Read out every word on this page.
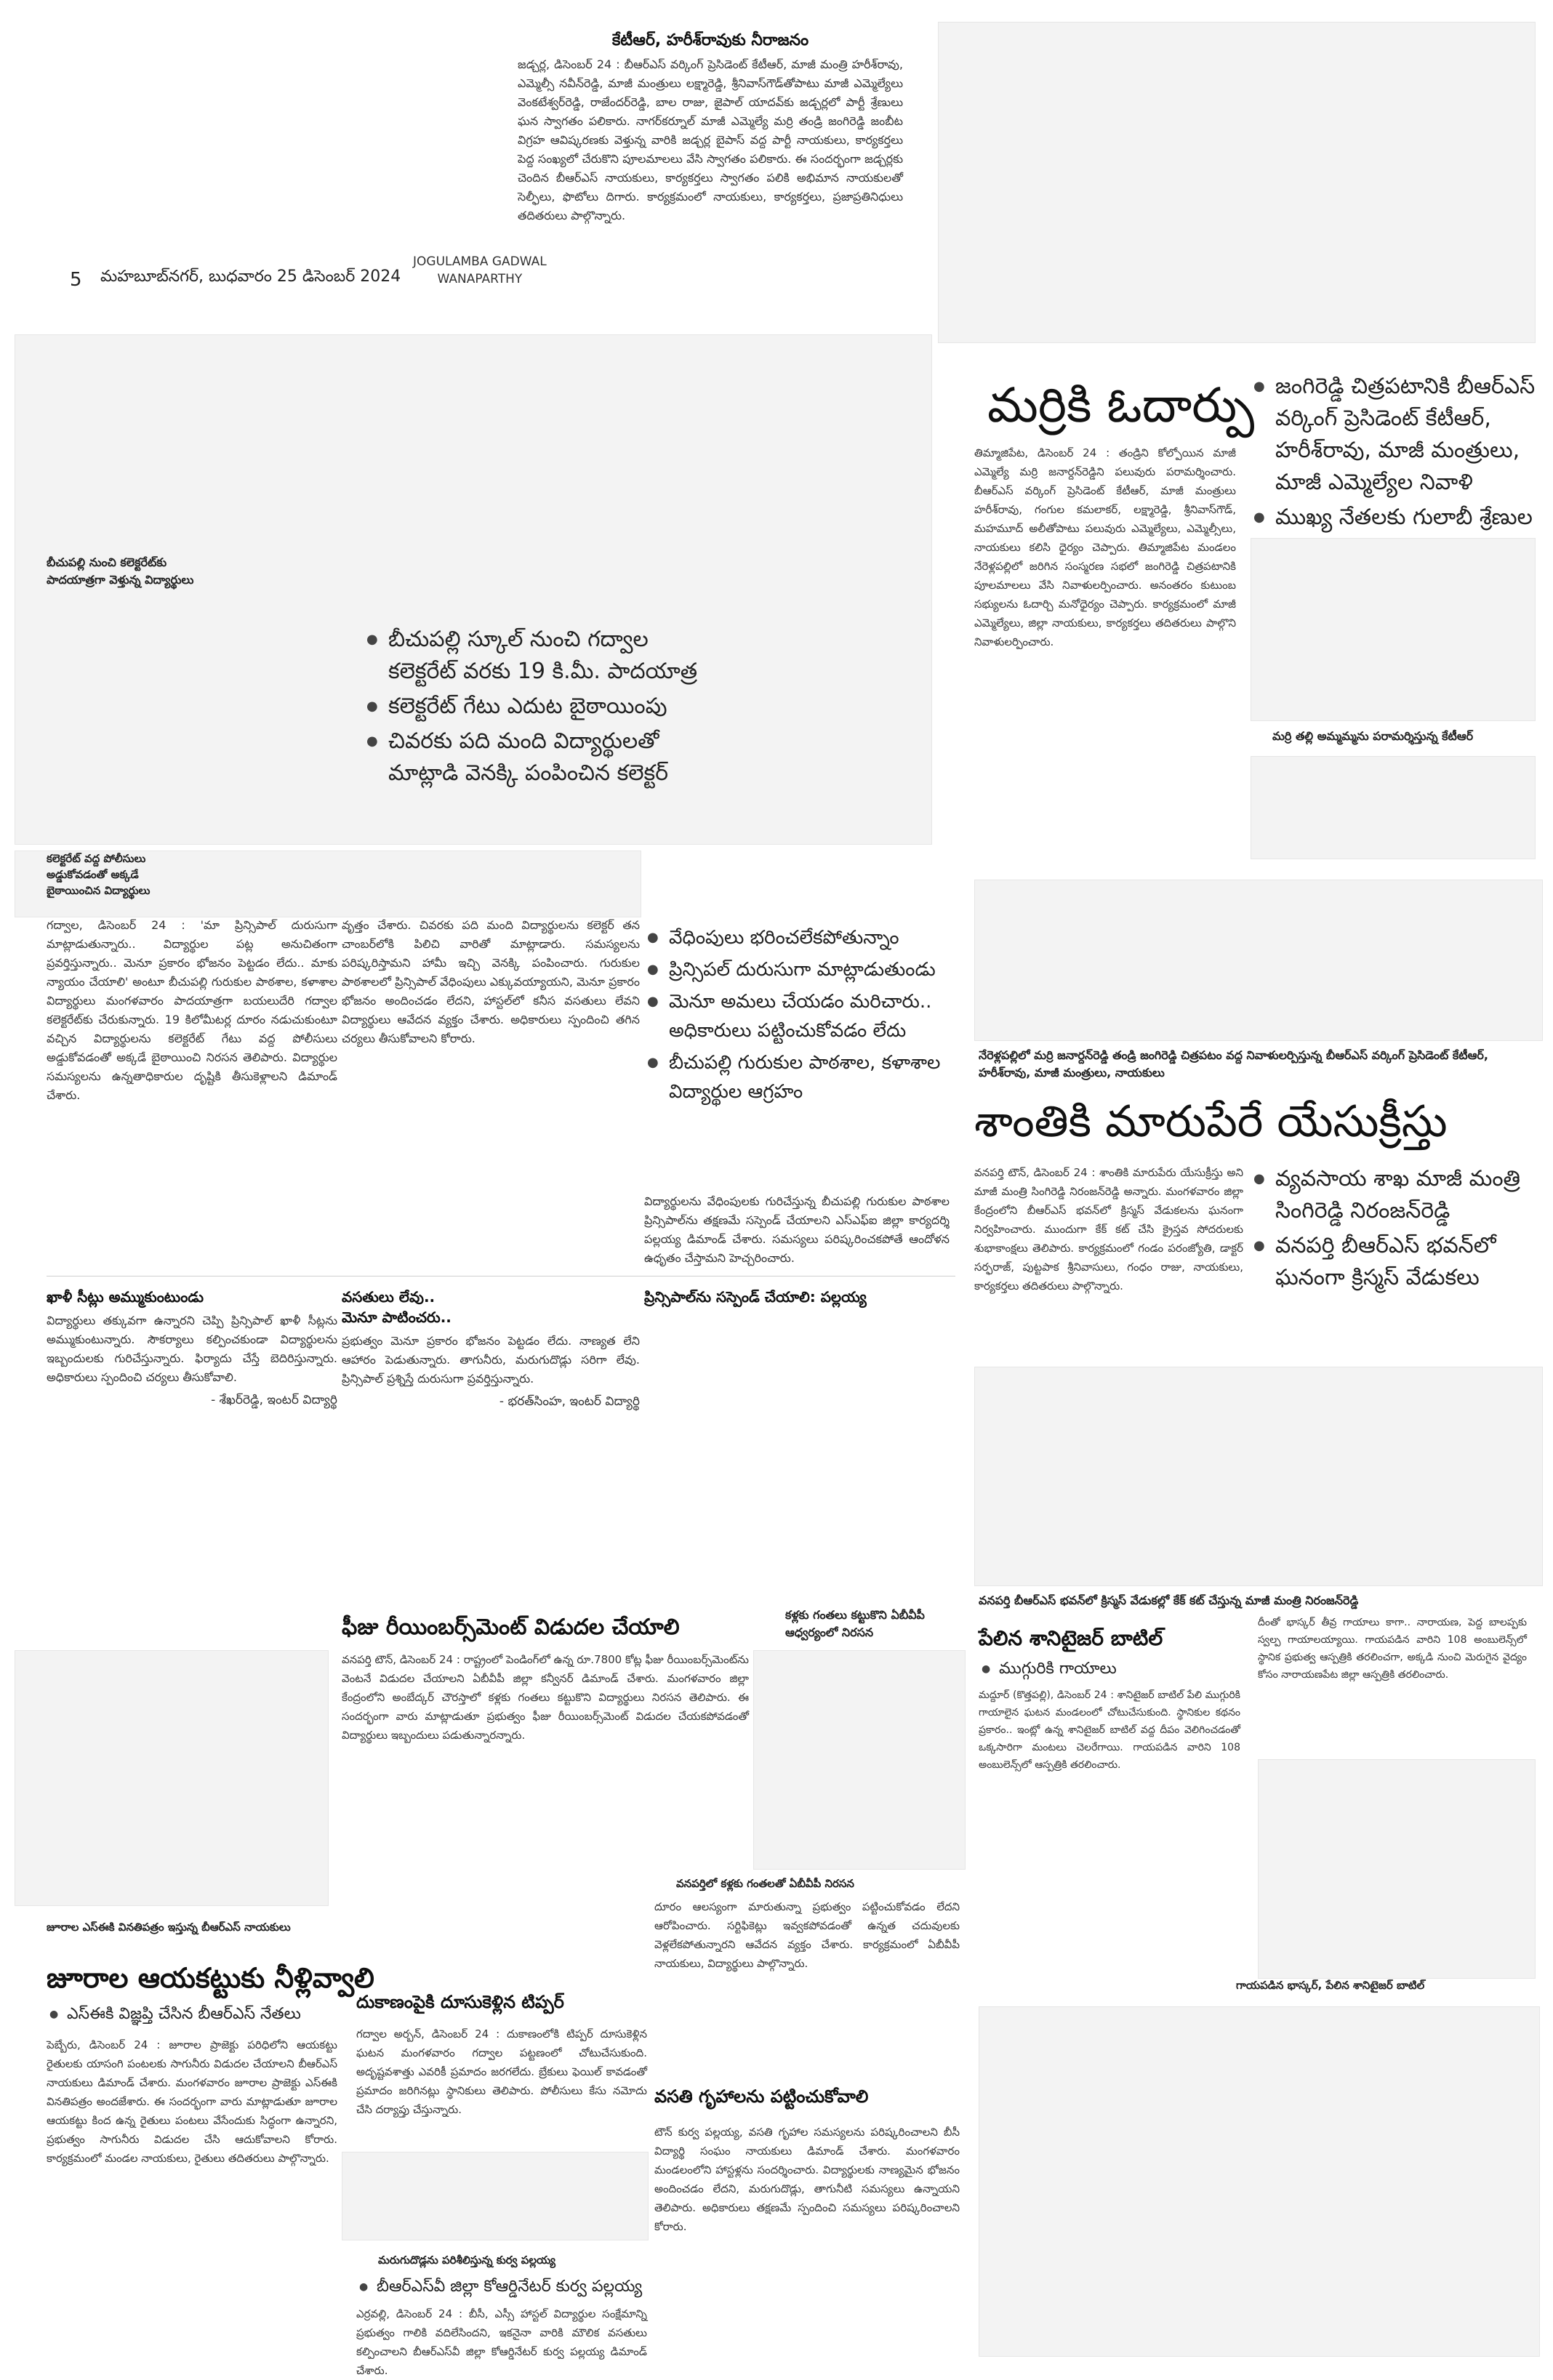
5 మహబూబ్‌నగర్, బుధవారం 25 డిసెంబర్ 2024
JOGULAMBA GADWAL
WANAPARTHY
కేటీఆర్, హరీశ్‌రావుకు నీరాజనం
జడ్చర్ల, డిసెంబర్ 24 : బీఆర్ఎస్ వర్కింగ్ ప్రెసిడెంట్ కేటీఆర్, మాజీ మంత్రి హరీశ్‌రావు, ఎమ్మెల్సీ నవీన్‌రెడ్డి, మాజీ మంత్రులు లక్ష్మారెడ్డి, శ్రీనివాస్‌గౌడ్‌తోపాటు మాజీ ఎమ్మెల్యేలు వెంకటేశ్వర్‌రెడ్డి, రాజేందర్‌రెడ్డి, బాల రాజు, జైపాల్ యాదవ్‌కు జడ్చర్లలో పార్టీ శ్రేణులు ఘన స్వాగతం పలికారు. నాగర్‌కర్నూల్ మాజీ ఎమ్మెల్యే మర్రి తండ్రి జంగిరెడ్డి జంబీట విగ్రహ ఆవిష్కరణకు వెళ్తున్న వారికి జడ్చర్ల బైపాస్ వద్ద పార్టీ నాయకులు, కార్యకర్తలు పెద్ద సంఖ్యలో చేరుకొని పూలమాలలు వేసి స్వాగతం పలికారు. ఈ సందర్భంగా జడ్చర్లకు చెందిన బీఆర్ఎస్ నాయకులు, కార్యకర్తలు స్వాగతం పలికి అభిమాన నాయకులతో సెల్ఫీలు, ఫొటోలు దిగారు. కార్యక్రమంలో నాయకులు, కార్యకర్తలు, ప్రజాప్రతినిధులు తదితరులు పాల్గొన్నారు.
మర్రికి ఓదార్పు
● జంగిరెడ్డి చిత్రపటానికి బీఆర్ఎస్ వర్కింగ్ ప్రెసిడెంట్ కేటీఆర్, హరీశ్‌రావు, మాజీ మంత్రులు, మాజీ ఎమ్మెల్యేల నివాళి
● ముఖ్య నేతలకు గులాబీ శ్రేణుల
తిమ్మాజిపేట, డిసెంబర్ 24 : తండ్రిని కోల్పోయిన మాజీ ఎమ్మెల్యే మర్రి జనార్దన్‌రెడ్డిని పలువురు పరామర్శించారు. బీఆర్ఎస్ వర్కింగ్ ప్రెసిడెంట్ కేటీఆర్, మాజీ మంత్రులు హరీశ్‌రావు, గంగుల కమలాకర్, లక్ష్మారెడ్డి, శ్రీనివాస్‌గౌడ్, మహమూద్ అలీతోపాటు పలువురు ఎమ్మెల్యేలు, ఎమ్మెల్సీలు, నాయకులు కలిసి ధైర్యం చెప్పారు. తిమ్మాజిపేట మండలం నేరెళ్లపల్లిలో జరిగిన సంస్మరణ సభలో జంగిరెడ్డి చిత్రపటానికి పూలమాలలు వేసి నివాళులర్పించారు. అనంతరం కుటుంబ సభ్యులను ఓదార్చి మనోధైర్యం చెప్పారు. కార్యక్రమంలో మాజీ ఎమ్మెల్యేలు, జిల్లా నాయకులు, కార్యకర్తలు తదితరులు పాల్గొని నివాళులర్పించారు.
మర్రి తల్లి అమ్మమ్మను పరామర్శిస్తున్న కేటీఆర్
బీచుపల్లి నుంచి కలెక్టరేట్‌కు పాదయాత్రగా వెళ్తున్న విద్యార్థులు
● బీచుపల్లి స్కూల్ నుంచి గద్వాల కలెక్టరేట్ వరకు 19 కి.మీ. పాదయాత్ర
● కలెక్టరేట్ గేటు ఎదుట బైఠాయింపు
● చివరకు పది మంది విద్యార్థులతో మాట్లాడి వెనక్కి పంపించిన కలెక్టర్
కలెక్టరేట్ వద్ద పోలీసులు అడ్డుకోవడంతో అక్కడే బైఠాయించిన విద్యార్థులు
గద్వాల, డిసెంబర్ 24 : 'మా ప్రిన్సిపాల్ దురుసుగా మాట్లాడుతున్నారు.. విద్యార్థుల పట్ల అనుచితంగా ప్రవర్తిస్తున్నారు.. మెనూ ప్రకారం భోజనం పెట్టడం లేదు.. మాకు న్యాయం చేయాలి' అంటూ బీచుపల్లి గురుకుల పాఠశాల, కళాశాల విద్యార్థులు మంగళవారం పాదయాత్రగా బయలుదేరి గద్వాల కలెక్టరేట్‌కు చేరుకున్నారు. 19 కిలోమీటర్ల దూరం నడుచుకుంటూ వచ్చిన విద్యార్థులను కలెక్టరేట్ గేటు వద్ద పోలీసులు అడ్డుకోవడంతో అక్కడే బైఠాయించి నిరసన తెలిపారు. విద్యార్థుల సమస్యలను ఉన్నతాధికారుల దృష్టికి తీసుకెళ్లాలని డిమాండ్ చేశారు.
వృత్తం చేశారు. చివరకు పది మంది విద్యార్థులను కలెక్టర్ తన చాంబర్‌లోకి పిలిచి వారితో మాట్లాడారు. సమస్యలను పరిష్కరిస్తామని హామీ ఇచ్చి వెనక్కి పంపించారు. గురుకుల పాఠశాలలో ప్రిన్సిపాల్ వేధింపులు ఎక్కువయ్యాయని, మెనూ ప్రకారం భోజనం అందించడం లేదని, హాస్టల్‌లో కనీస వసతులు లేవని విద్యార్థులు ఆవేదన వ్యక్తం చేశారు. అధికారులు స్పందించి తగిన చర్యలు తీసుకోవాలని కోరారు.
● వేధింపులు భరించలేకపోతున్నాం
● ప్రిన్సిపల్ దురుసుగా మాట్లాడుతుండు
● మెనూ అమలు చేయడం మరిచారు.. అధికారులు పట్టించుకోవడం లేదు
● బీచుపల్లి గురుకుల పాఠశాల, కళాశాల విద్యార్థుల ఆగ్రహం
విద్యార్థులను వేధింపులకు గురిచేస్తున్న బీచుపల్లి గురుకుల పాఠశాల ప్రిన్సిపాల్‌ను తక్షణమే సస్పెండ్ చేయాలని ఎస్ఎఫ్ఐ జిల్లా కార్యదర్శి పల్లయ్య డిమాండ్ చేశారు. సమస్యలు పరిష్కరించకపోతే ఆందోళన ఉధృతం చేస్తామని హెచ్చరించారు.
ఖాళీ సీట్లు అమ్ముకుంటుండు
విద్యార్థులు తక్కువగా ఉన్నారని చెప్పి ప్రిన్సిపాల్ ఖాళీ సీట్లను అమ్ముకుంటున్నారు. సౌకర్యాలు కల్పించకుండా విద్యార్థులను ఇబ్బందులకు గురిచేస్తున్నారు. ఫిర్యాదు చేస్తే బెదిరిస్తున్నారు. అధికారులు స్పందించి చర్యలు తీసుకోవాలి.
- శేఖర్‌రెడ్డి, ఇంటర్ విద్యార్థి
వసతులు లేవు..
మెనూ పాటించరు..
ప్రభుత్వం మెనూ ప్రకారం భోజనం పెట్టడం లేదు. నాణ్యత లేని ఆహారం పెడుతున్నారు. తాగునీరు, మరుగుదొడ్లు సరిగా లేవు. ప్రిన్సిపాల్ ప్రశ్నిస్తే దురుసుగా ప్రవర్తిస్తున్నారు.
- భరత్‌సింహ, ఇంటర్ విద్యార్థి
ప్రిన్సిపాల్‌ను సస్పెండ్ చేయాలి: పల్లయ్య
నేరెళ్లపల్లిలో మర్రి జనార్దన్‌రెడ్డి తండ్రి జంగిరెడ్డి చిత్రపటం వద్ద నివాళులర్పిస్తున్న బీఆర్ఎస్ వర్కింగ్ ప్రెసిడెంట్ కేటీఆర్, హరీశ్‌రావు, మాజీ మంత్రులు, నాయకులు
శాంతికి మారుపేరే యేసుక్రీస్తు
వనపర్తి టౌన్, డిసెంబర్ 24 : శాంతికి మారుపేరు యేసుక్రీస్తు అని మాజీ మంత్రి సింగిరెడ్డి నిరంజన్‌రెడ్డి అన్నారు. మంగళవారం జిల్లా కేంద్రంలోని బీఆర్ఎస్ భవన్‌లో క్రిస్మస్ వేడుకలను ఘనంగా నిర్వహించారు. ముందుగా కేక్ కట్ చేసి క్రైస్తవ సోదరులకు శుభాకాంక్షలు తెలిపారు. కార్యక్రమంలో గండం పరంజ్యోతి, డాక్టర్ సర్ఫరాజ్, పుట్టపాక శ్రీనివాసులు, గంధం రాజు, నాయకులు, కార్యకర్తలు తదితరులు పాల్గొన్నారు.
● వ్యవసాయ శాఖ మాజీ మంత్రి సింగిరెడ్డి నిరంజన్‌రెడ్డి
● వనపర్తి బీఆర్ఎస్ భవన్‌లో ఘనంగా క్రిస్మస్ వేడుకలు
వనపర్తి బీఆర్ఎస్ భవన్‌లో క్రిస్మస్ వేడుకల్లో కేక్ కట్ చేస్తున్న మాజీ మంత్రి నిరంజన్‌రెడ్డి
ఫీజు రీయింబర్స్‌మెంట్ విడుదల చేయాలి	కళ్లకు గంతలు కట్టుకొని ఏబీవీపీ ఆధ్వర్యంలో నిరసన
వనపర్తి టౌన్, డిసెంబర్ 24 : రాష్ట్రంలో పెండింగ్‌లో ఉన్న రూ.7800 కోట్ల ఫీజు రీయింబర్స్‌మెంట్‌ను వెంటనే విడుదల చేయాలని ఏబీవీపీ జిల్లా కన్వీనర్ డిమాండ్ చేశారు. మంగళవారం జిల్లా కేంద్రంలోని అంబేద్కర్ చౌరస్తాలో కళ్లకు గంతలు కట్టుకొని విద్యార్థులు నిరసన తెలిపారు. ఈ సందర్భంగా వారు మాట్లాడుతూ ప్రభుత్వం ఫీజు రీయింబర్స్‌మెంట్ విడుదల చేయకపోవడంతో విద్యార్థులు ఇబ్బందులు పడుతున్నారన్నారు.
వనపర్తిలో కళ్లకు గంతలతో ఏబీవీపీ నిరసన
దూరం ఆలస్యంగా మారుతున్నా ప్రభుత్వం పట్టించుకోవడం లేదని ఆరోపించారు. సర్టిఫికెట్లు ఇవ్వకపోవడంతో ఉన్నత చదువులకు వెళ్లలేకపోతున్నారని ఆవేదన వ్యక్తం చేశారు. కార్యక్రమంలో ఏబీవీపీ నాయకులు, విద్యార్థులు పాల్గొన్నారు.
జూరాల ఎస్ఈకి వినతిపత్రం ఇస్తున్న బీఆర్ఎస్ నాయకులు
జూరాల ఆయకట్టుకు నీళ్లివ్వాలి
● ఎస్ఈకి విజ్ఞప్తి చేసిన బీఆర్ఎస్ నేతలు
పెబ్బేరు, డిసెంబర్ 24 : జూరాల ప్రాజెక్టు పరిధిలోని ఆయకట్టు రైతులకు యాసంగి పంటలకు సాగునీరు విడుదల చేయాలని బీఆర్ఎస్ నాయకులు డిమాండ్ చేశారు. మంగళవారం జూరాల ప్రాజెక్టు ఎస్ఈకి వినతిపత్రం అందజేశారు. ఈ సందర్భంగా వారు మాట్లాడుతూ జూరాల ఆయకట్టు కింద ఉన్న రైతులు పంటలు వేసేందుకు సిద్ధంగా ఉన్నారని, ప్రభుత్వం సాగునీరు విడుదల చేసి ఆదుకోవాలని కోరారు. కార్యక్రమంలో మండల నాయకులు, రైతులు తదితరులు పాల్గొన్నారు.
దుకాణంపైకి దూసుకెళ్లిన టిప్పర్
గద్వాల అర్బన్, డిసెంబర్ 24 : దుకాణంలోకి టిప్పర్ దూసుకెళ్లిన ఘటన మంగళవారం గద్వాల పట్టణంలో చోటుచేసుకుంది. అదృష్టవశాత్తు ఎవరికీ ప్రమాదం జరగలేదు. బ్రేకులు ఫెయిల్ కావడంతో ప్రమాదం జరిగినట్లు స్థానికులు తెలిపారు. పోలీసులు కేసు నమోదు చేసి దర్యాప్తు చేస్తున్నారు.
వసతి గృహాలను పట్టించుకోవాలి
టౌన్‌ కుర్వ పల్లయ్య, వసతి గృహాల సమస్యలను పరిష్కరించాలని బీసీ విద్యార్థి సంఘం నాయకులు డిమాండ్ చేశారు. మంగళవారం మండలంలోని హాస్టళ్లను సందర్శించారు. విద్యార్థులకు నాణ్యమైన భోజనం అందించడం లేదని, మరుగుదొడ్లు, తాగునీటి సమస్యలు ఉన్నాయని తెలిపారు. అధికారులు తక్షణమే స్పందించి సమస్యలు పరిష్కరించాలని కోరారు.
మరుగుదొడ్లను పరిశీలిస్తున్న కుర్వ పల్లయ్య
● బీఆర్ఎస్‌వీ జిల్లా కోఆర్డినేటర్ కుర్వ పల్లయ్య
ఎర్రవల్లి, డిసెంబర్ 24 : బీసీ, ఎస్సీ హాస్టల్ విద్యార్థుల సంక్షేమాన్ని ప్రభుత్వం గాలికి వదిలేసిందని, ఇకనైనా వారికి మౌలిక వసతులు కల్పించాలని బీఆర్ఎస్‌వీ జిల్లా కోఆర్డినేటర్ కుర్వ పల్లయ్య డిమాండ్ చేశారు.
పేలిన శానిటైజర్ బాటిల్
● ముగ్గురికి గాయాలు
మద్దూర్ (కొత్తపల్లి), డిసెంబర్ 24 : శానిటైజర్ బాటిల్ పేలి ముగ్గురికి గాయాలైన ఘటన మండలంలో చోటుచేసుకుంది. స్థానికుల కథనం ప్రకారం.. ఇంట్లో ఉన్న శానిటైజర్ బాటిల్ వద్ద దీపం వెలిగించడంతో ఒక్కసారిగా మంటలు చెలరేగాయి. గాయపడిన వారిని 108 అంబులెన్స్‌లో ఆస్పత్రికి తరలించారు.
దీంతో భాస్కర్ తీవ్ర గాయాలు కాగా.. నారాయణ, పెద్ద బాలప్పకు స్వల్ప గాయాలయ్యాయి. గాయపడిన వారిని 108 అంబులెన్స్‌లో స్థానిక ప్రభుత్వ ఆస్పత్రికి తరలించగా, అక్కడి నుంచి మెరుగైన వైద్యం కోసం నారాయణపేట జిల్లా ఆస్పత్రికి తరలించారు.
గాయపడిన భాస్కర్, పేలిన శానిటైజర్ బాటిల్
